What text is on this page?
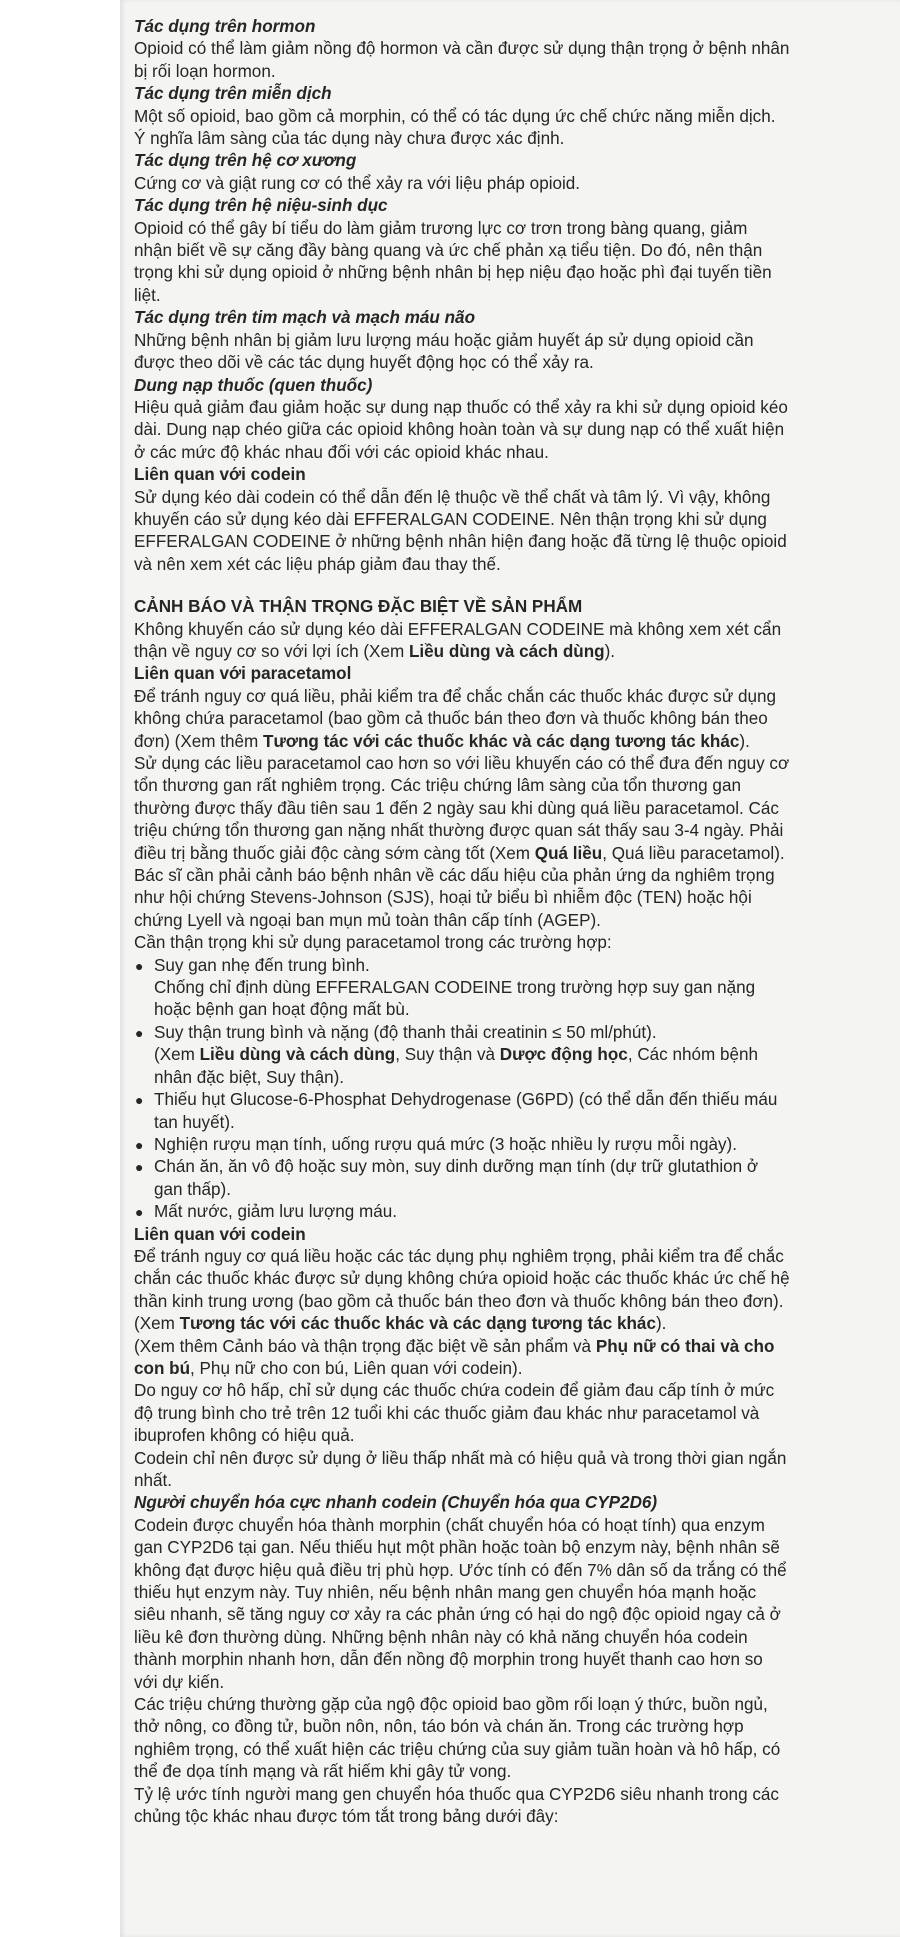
Tác dụng trên hormon

Opioid có thể làm giảm nồng độ hormon và cần được sử dụng thận trọng ở bệnh nhân bị rối loạn hormon.

Tác dụng trên miễn dịch

Một số opioid, bao gồm cả morphin, có thể có tác dụng ức chế chức năng miễn dịch. Ý nghĩa lâm sàng của tác dụng này chưa được xác định.

Tác dụng trên hệ cơ xương

Cứng cơ và giật rung cơ có thể xảy ra với liệu pháp opioid.

Tác dụng trên hệ niệu-sinh dục

Opioid có thể gây bí tiểu do làm giảm trương lực cơ trơn trong bàng quang, giảm nhận biết về sự căng đầy bàng quang và ức chế phản xạ tiểu tiện. Do đó, nên thận trọng khi sử dụng opioid ở những bệnh nhân bị hẹp niệu đạo hoặc phì đại tuyến tiền liệt.

Tác dụng trên tim mạch và mạch máu não

Những bệnh nhân bị giảm lưu lượng máu hoặc giảm huyết áp sử dụng opioid cần được theo dõi về các tác dụng huyết động học có thể xảy ra.

Dung nạp thuốc (quen thuốc)

Hiệu quả giảm đau giảm hoặc sự dung nạp thuốc có thể xảy ra khi sử dụng opioid kéo dài. Dung nạp chéo giữa các opioid không hoàn toàn và sự dung nạp có thể xuất hiện ở các mức độ khác nhau đối với các opioid khác nhau.

Liên quan với codein

Sử dụng kéo dài codein có thể dẫn đến lệ thuộc về thể chất và tâm lý. Vì vậy, không khuyến cáo sử dụng kéo dài EFFERALGAN CODEINE. Nên thận trọng khi sử dụng EFFERALGAN CODEINE ở những bệnh nhân hiện đang hoặc đã từng lệ thuộc opioid và nên xem xét các liệu pháp giảm đau thay thế.

CẢNH BÁO VÀ THẬN TRỌNG ĐẶC BIỆT VỀ SẢN PHẨM

Không khuyến cáo sử dụng kéo dài EFFERALGAN CODEINE mà không xem xét cẩn thận về nguy cơ so với lợi ích (Xem Liều dùng và cách dùng).

Liên quan với paracetamol

Để tránh nguy cơ quá liều, phải kiểm tra để chắc chắn các thuốc khác được sử dụng không chứa paracetamol (bao gồm cả thuốc bán theo đơn và thuốc không bán theo đơn) (Xem thêm Tương tác với các thuốc khác và các dạng tương tác khác).

Sử dụng các liều paracetamol cao hơn so với liều khuyến cáo có thể đưa đến nguy cơ tổn thương gan rất nghiêm trọng. Các triệu chứng lâm sàng của tổn thương gan thường được thấy đầu tiên sau 1 đến 2 ngày sau khi dùng quá liều paracetamol. Các triệu chứng tổn thương gan nặng nhất thường được quan sát thấy sau 3-4 ngày. Phải điều trị bằng thuốc giải độc càng sớm càng tốt (Xem Quá liều, Quá liều paracetamol).

Bác sĩ cần phải cảnh báo bệnh nhân về các dấu hiệu của phản ứng da nghiêm trọng như hội chứng Stevens-Johnson (SJS), hoại tử biểu bì nhiễm độc (TEN) hoặc hội chứng Lyell và ngoại ban mụn mủ toàn thân cấp tính (AGEP).

Cần thận trọng khi sử dụng paracetamol trong các trường hợp:

● Suy gan nhẹ đến trung bình.
Chống chỉ định dùng EFFERALGAN CODEINE trong trường hợp suy gan nặng hoặc bệnh gan hoạt động mất bù.
● Suy thận trung bình và nặng (độ thanh thải creatinin ≤ 50 ml/phút).
(Xem Liều dùng và cách dùng, Suy thận và Dược động học, Các nhóm bệnh nhân đặc biệt, Suy thận).
● Thiếu hụt Glucose-6-Phosphat Dehydrogenase (G6PD) (có thể dẫn đến thiếu máu tan huyết).
● Nghiện rượu mạn tính, uống rượu quá mức (3 hoặc nhiều ly rượu mỗi ngày).
● Chán ăn, ăn vô độ hoặc suy mòn, suy dinh dưỡng mạn tính (dự trữ glutathion ở gan thấp).
● Mất nước, giảm lưu lượng máu.

Liên quan với codein

Để tránh nguy cơ quá liều hoặc các tác dụng phụ nghiêm trọng, phải kiểm tra để chắc chắn các thuốc khác được sử dụng không chứa opioid hoặc các thuốc khác ức chế hệ thần kinh trung ương (bao gồm cả thuốc bán theo đơn và thuốc không bán theo đơn). (Xem Tương tác với các thuốc khác và các dạng tương tác khác).

(Xem thêm Cảnh báo và thận trọng đặc biệt về sản phẩm và Phụ nữ có thai và cho con bú, Phụ nữ cho con bú, Liên quan với codein).

Do nguy cơ hô hấp, chỉ sử dụng các thuốc chứa codein để giảm đau cấp tính ở mức độ trung bình cho trẻ trên 12 tuổi khi các thuốc giảm đau khác như paracetamol và ibuprofen không có hiệu quả.

Codein chỉ nên được sử dụng ở liều thấp nhất mà có hiệu quả và trong thời gian ngắn nhất.

Người chuyển hóa cực nhanh codein (Chuyển hóa qua CYP2D6)

Codein được chuyển hóa thành morphin (chất chuyển hóa có hoạt tính) qua enzym gan CYP2D6 tại gan. Nếu thiếu hụt một phần hoặc toàn bộ enzym này, bệnh nhân sẽ không đạt được hiệu quả điều trị phù hợp. Ước tính có đến 7% dân số da trắng có thể thiếu hụt enzym này. Tuy nhiên, nếu bệnh nhân mang gen chuyển hóa mạnh hoặc siêu nhanh, sẽ tăng nguy cơ xảy ra các phản ứng có hại do ngộ độc opioid ngay cả ở liều kê đơn thường dùng. Những bệnh nhân này có khả năng chuyển hóa codein thành morphin nhanh hơn, dẫn đến nồng độ morphin trong huyết thanh cao hơn so với dự kiến.

Các triệu chứng thường gặp của ngộ độc opioid bao gồm rối loạn ý thức, buồn ngủ, thở nông, co đồng tử, buồn nôn, nôn, táo bón và chán ăn. Trong các trường hợp nghiêm trọng, có thể xuất hiện các triệu chứng của suy giảm tuần hoàn và hô hấp, có thể đe dọa tính mạng và rất hiếm khi gây tử vong.

Tỷ lệ ước tính người mang gen chuyển hóa thuốc qua CYP2D6 siêu nhanh trong các chủng tộc khác nhau được tóm tắt trong bảng dưới đây:
